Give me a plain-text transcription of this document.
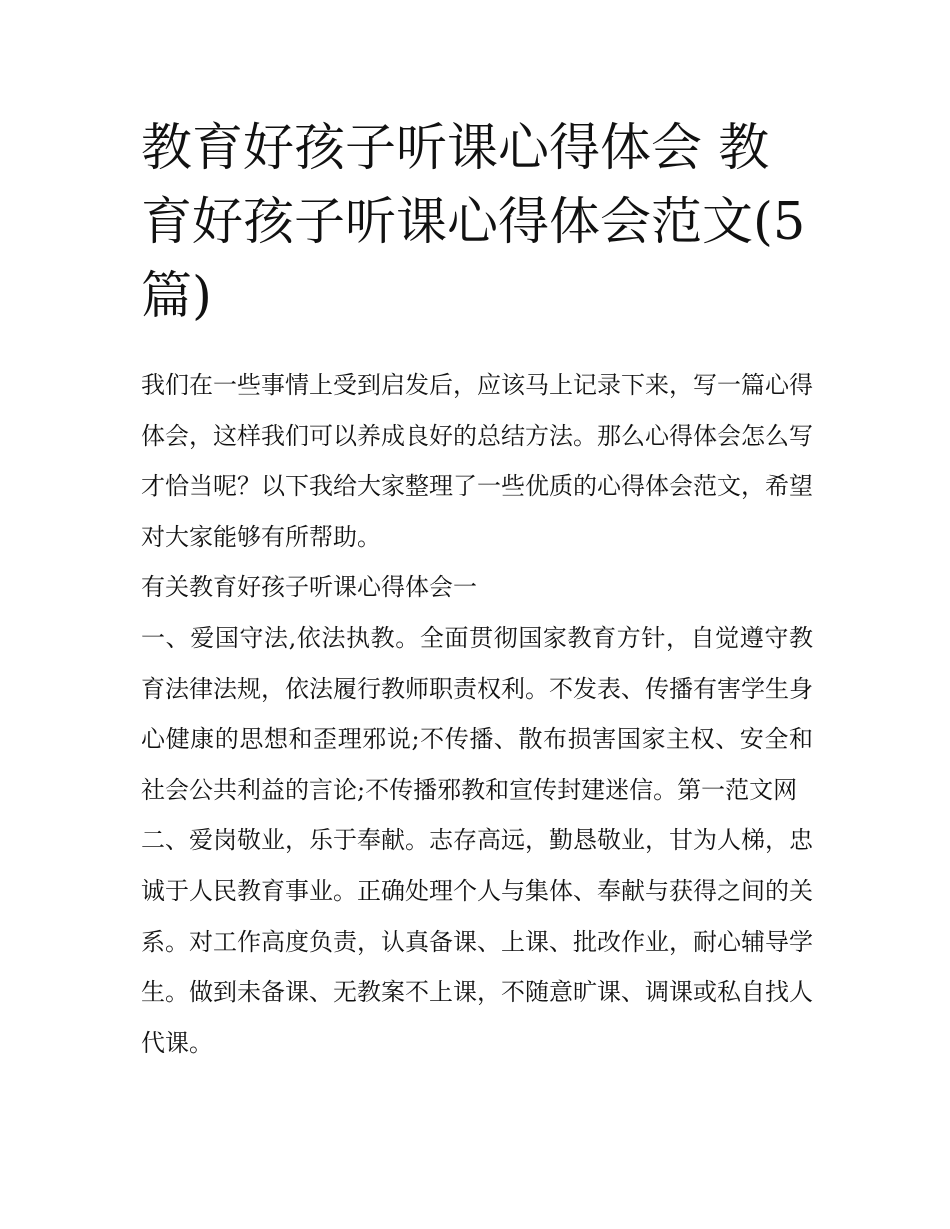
教育好孩子听课心得体会 教育好孩子听课心得体会范文(5篇)

我们在一些事情上受到启发后，应该马上记录下来，写一篇心得体会，这样我们可以养成良好的总结方法。那么心得体会怎么写才恰当呢？以下我给大家整理了一些优质的心得体会范文，希望对大家能够有所帮助。

有关教育好孩子听课心得体会一

一、爱国守法,依法执教。全面贯彻国家教育方针，自觉遵守教育法律法规，依法履行教师职责权利。不发表、传播有害学生身心健康的思想和歪理邪说;不传播、散布损害国家主权、安全和社会公共利益的言论;不传播邪教和宣传封建迷信。第一范文网

二、爱岗敬业，乐于奉献。志存高远，勤恳敬业，甘为人梯，忠诚于人民教育事业。正确处理个人与集体、奉献与获得之间的关系。对工作高度负责，认真备课、上课、批改作业，耐心辅导学生。做到未备课、无教案不上课，不随意旷课、调课或私自找人代课。
